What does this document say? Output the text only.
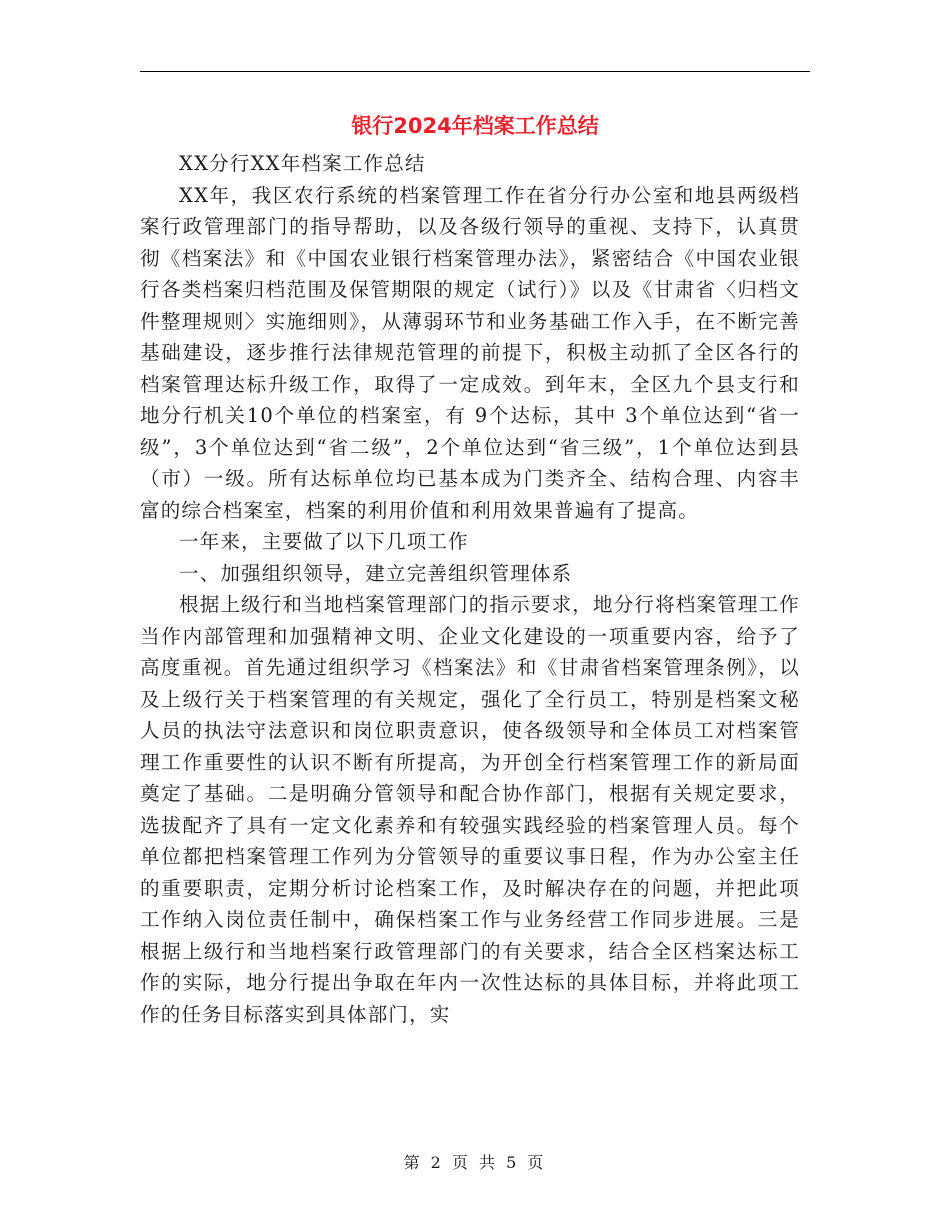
银行2024年档案工作总结

XX分行XX年档案工作总结

XX年，我区农行系统的档案管理工作在省分行办公室和地县两级档案行政管理部门的指导帮助，以及各级行领导的重视、支持下，认真贯彻《档案法》和《中国农业银行档案管理办法》，紧密结合《中国农业银行各类档案归档范围及保管期限的规定（试行）》以及《甘肃省〈归档文件整理规则〉实施细则》，从薄弱环节和业务基础工作入手，在不断完善基础建设，逐步推行法律规范管理的前提下，积极主动抓了全区各行的档案管理达标升级工作，取得了一定成效。到年末，全区九个县支行和地分行机关10个单位的档案室，有 9个达标，其中 3个单位达到“省一级”，3个单位达到“省二级”，2个单位达到“省三级”，1个单位达到县（市）一级。所有达标单位均已基本成为门类齐全、结构合理、内容丰富的综合档案室，档案的利用价值和利用效果普遍有了提高。

一年来，主要做了以下几项工作

一、加强组织领导，建立完善组织管理体系

根据上级行和当地档案管理部门的指示要求，地分行将档案管理工作当作内部管理和加强精神文明、企业文化建设的一项重要内容，给予了高度重视。首先通过组织学习《档案法》和《甘肃省档案管理条例》，以及上级行关于档案管理的有关规定，强化了全行员工，特别是档案文秘人员的执法守法意识和岗位职责意识，使各级领导和全体员工对档案管理工作重要性的认识不断有所提高，为开创全行档案管理工作的新局面奠定了基础。二是明确分管领导和配合协作部门，根据有关规定要求，选拔配齐了具有一定文化素养和有较强实践经验的档案管理人员。每个单位都把档案管理工作列为分管领导的重要议事日程，作为办公室主任的重要职责，定期分析讨论档案工作，及时解决存在的问题，并把此项工作纳入岗位责任制中，确保档案工作与业务经营工作同步进展。三是根据上级行和当地档案行政管理部门的有关要求，结合全区档案达标工作的实际，地分行提出争取在年内一次性达标的具体目标，并将此项工作的任务目标落实到具体部门，实

第 2 页 共 5 页
